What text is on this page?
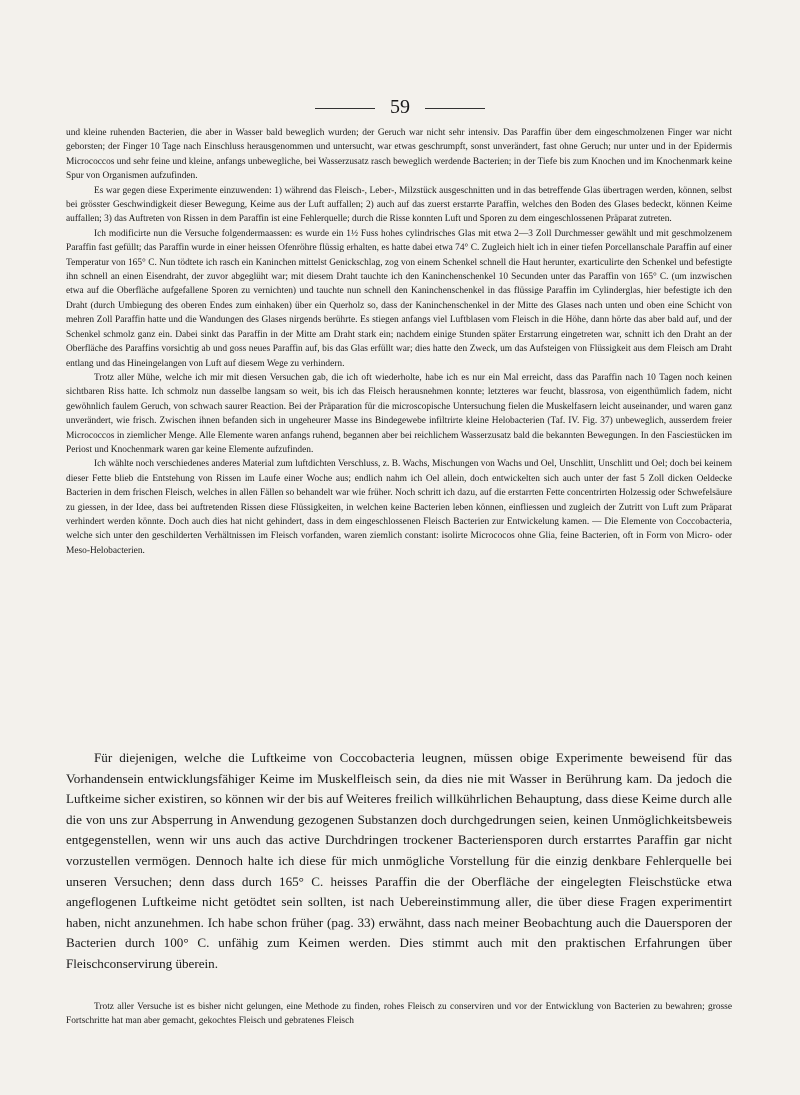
59

und kleine ruhenden Bacterien, die aber in Wasser bald beweglich wurden; der Geruch war nicht sehr intensiv. Das Paraffin über dem eingeschmolzenen Finger war nicht geborsten; der Finger 10 Tage nach Einschluss herausgenommen und untersucht, war etwas geschrumpft, sonst unverändert, fast ohne Geruch; nur unter und in der Epidermis Micrococcos und sehr feine und kleine, anfangs unbewegliche, bei Wasserzusatz rasch beweglich werdende Bacterien; in der Tiefe bis zum Knochen und im Knochenmark keine Spur von Organismen aufzufinden.

Es war gegen diese Experimente einzuwenden: 1) während das Fleisch-, Leber-, Milzstück ausgeschnitten und in das betreffende Glas übertragen werden, können, selbst bei grösster Geschwindigkeit dieser Bewegung, Keime aus der Luft auffallen; 2) auch auf das zuerst erstarrte Paraffin, welches den Boden des Glases bedeckt, können Keime auffallen; 3) das Auftreten von Rissen in dem Paraffin ist eine Fehlerquelle; durch die Risse konnten Luft und Sporen zu dem eingeschlossenen Präparat zutreten.

Ich modificirte nun die Versuche folgendermaassen: es wurde ein 1½ Fuss hohes cylindrisches Glas mit etwa 2—3 Zoll Durchmesser gewählt und mit geschmolzenem Paraffin fast gefüllt; das Paraffin wurde in einer heissen Ofenröhre flüssig erhalten, es hatte dabei etwa 74° C. Zugleich hielt ich in einer tiefen Porcellanschale Paraffin auf einer Temperatur von 165° C. Nun tödtete ich rasch ein Kaninchen mittelst Genickschlag, zog von einem Schenkel schnell die Haut herunter, exarticulirte den Schenkel und befestigte ihn schnell an einen Eisendraht, der zuvor abgeglüht war; mit diesem Draht tauchte ich den Kaninchenschenkel 10 Secunden unter das Paraffin von 165° C. (um inzwischen etwa auf die Oberfläche aufgefallene Sporen zu vernichten) und tauchte nun schnell den Kaninchenschenkel in das flüssige Paraffin im Cylinderglas, hier befestigte ich den Draht (durch Umbiegung des oberen Endes zum einhaken) über ein Querholz so, dass der Kaninchenschenkel in der Mitte des Glases nach unten und oben eine Schicht von mehren Zoll Paraffin hatte und die Wandungen des Glases nirgends berührte. Es stiegen anfangs viel Luftblasen vom Fleisch in die Höhe, dann hörte das aber bald auf, und der Schenkel schmolz ganz ein. Dabei sinkt das Paraffin in der Mitte am Draht stark ein; nachdem einige Stunden später Erstarrung eingetreten war, schnitt ich den Draht an der Oberfläche des Paraffins vorsichtig ab und goss neues Paraffin auf, bis das Glas erfüllt war; dies hatte den Zweck, um das Aufsteigen von Flüssigkeit aus dem Fleisch am Draht entlang und das Hineingelangen von Luft auf diesem Wege zu verhindern.

Trotz aller Mühe, welche ich mir mit diesen Versuchen gab, die ich oft wiederholte, habe ich es nur ein Mal erreicht, dass das Paraffin nach 10 Tagen noch keinen sichtbaren Riss hatte. Ich schmolz nun dasselbe langsam so weit, bis ich das Fleisch herausnehmen konnte; letzteres war feucht, blassrosa, von eigenthümlich fadem, nicht gewöhnlich faulem Geruch, von schwach saurer Reaction. Bei der Präparation für die microscopische Untersuchung fielen die Muskelfasern leicht auseinander, und waren ganz unverändert, wie frisch. Zwischen ihnen befanden sich in ungeheurer Masse ins Bindegewebe infiltrirte kleine Helobacterien (Taf. IV. Fig. 37) unbeweglich, ausserdem freier Micrococcos in ziemlicher Menge. Alle Elemente waren anfangs ruhend, begannen aber bei reichlichem Wasserzusatz bald die bekannten Bewegungen. In den Fasciestücken im Periost und Knochenmark waren gar keine Elemente aufzufinden.

Ich wählte noch verschiedenes anderes Material zum luftdichten Verschluss, z. B. Wachs, Mischungen von Wachs und Oel, Unschlitt, Unschlitt und Oel; doch bei keinem dieser Fette blieb die Entstehung von Rissen im Laufe einer Woche aus; endlich nahm ich Oel allein, doch entwickelten sich auch unter der fast 5 Zoll dicken Oeldecke Bacterien in dem frischen Fleisch, welches in allen Fällen so behandelt war wie früher. Noch schritt ich dazu, auf die erstarrten Fette concentrirten Holzessig oder Schwefelsäure zu giessen, in der Idee, dass bei auftretenden Rissen diese Flüssigkeiten, in welchen keine Bacterien leben können, einfliessen und zugleich der Zutritt von Luft zum Präparat verhindert werden könnte. Doch auch dies hat nicht gehindert, dass in dem eingeschlossenen Fleisch Bacterien zur Entwickelung kamen. — Die Elemente von Coccobacteria, welche sich unter den geschilderten Verhältnissen im Fleisch vorfanden, waren ziemlich constant: isolirte Micrococos ohne Glia, feine Bacterien, oft in Form von Micro- oder Meso-Helobacterien.

Für diejenigen, welche die Luftkeime von Coccobacteria leugnen, müssen obige Experimente beweisend für das Vorhandensein entwicklungsfähiger Keime im Muskelfleisch sein, da dies nie mit Wasser in Berührung kam. Da jedoch die Luftkeime sicher existiren, so können wir der bis auf Weiteres freilich willkührlichen Behauptung, dass diese Keime durch alle die von uns zur Absperrung in Anwendung gezogenen Substanzen doch durchgedrungen seien, keinen Unmöglichkeitsbeweis entgegenstellen, wenn wir uns auch das active Durchdringen trockener Bacteriensporen durch erstarrtes Paraffin gar nicht vorzustellen vermögen. Dennoch halte ich diese für mich unmögliche Vorstellung für die einzig denkbare Fehlerquelle bei unseren Versuchen; denn dass durch 165° C. heisses Paraffin die der Oberfläche der eingelegten Fleischstücke etwa angeflogenen Luftkeime nicht getödtet sein sollten, ist nach Uebereinstimmung aller, die über diese Fragen experimentirt haben, nicht anzunehmen. Ich habe schon früher (pag. 33) erwähnt, dass nach meiner Beobachtung auch die Dauersporen der Bacterien durch 100° C. unfähig zum Keimen werden. Dies stimmt auch mit den praktischen Erfahrungen über Fleischconservirung überein.

Trotz aller Versuche ist es bisher nicht gelungen, eine Methode zu finden, rohes Fleisch zu conserviren und vor der Entwicklung von Bacterien zu bewahren; grosse Fortschritte hat man aber gemacht, gekochtes Fleisch und gebratenes Fleisch
